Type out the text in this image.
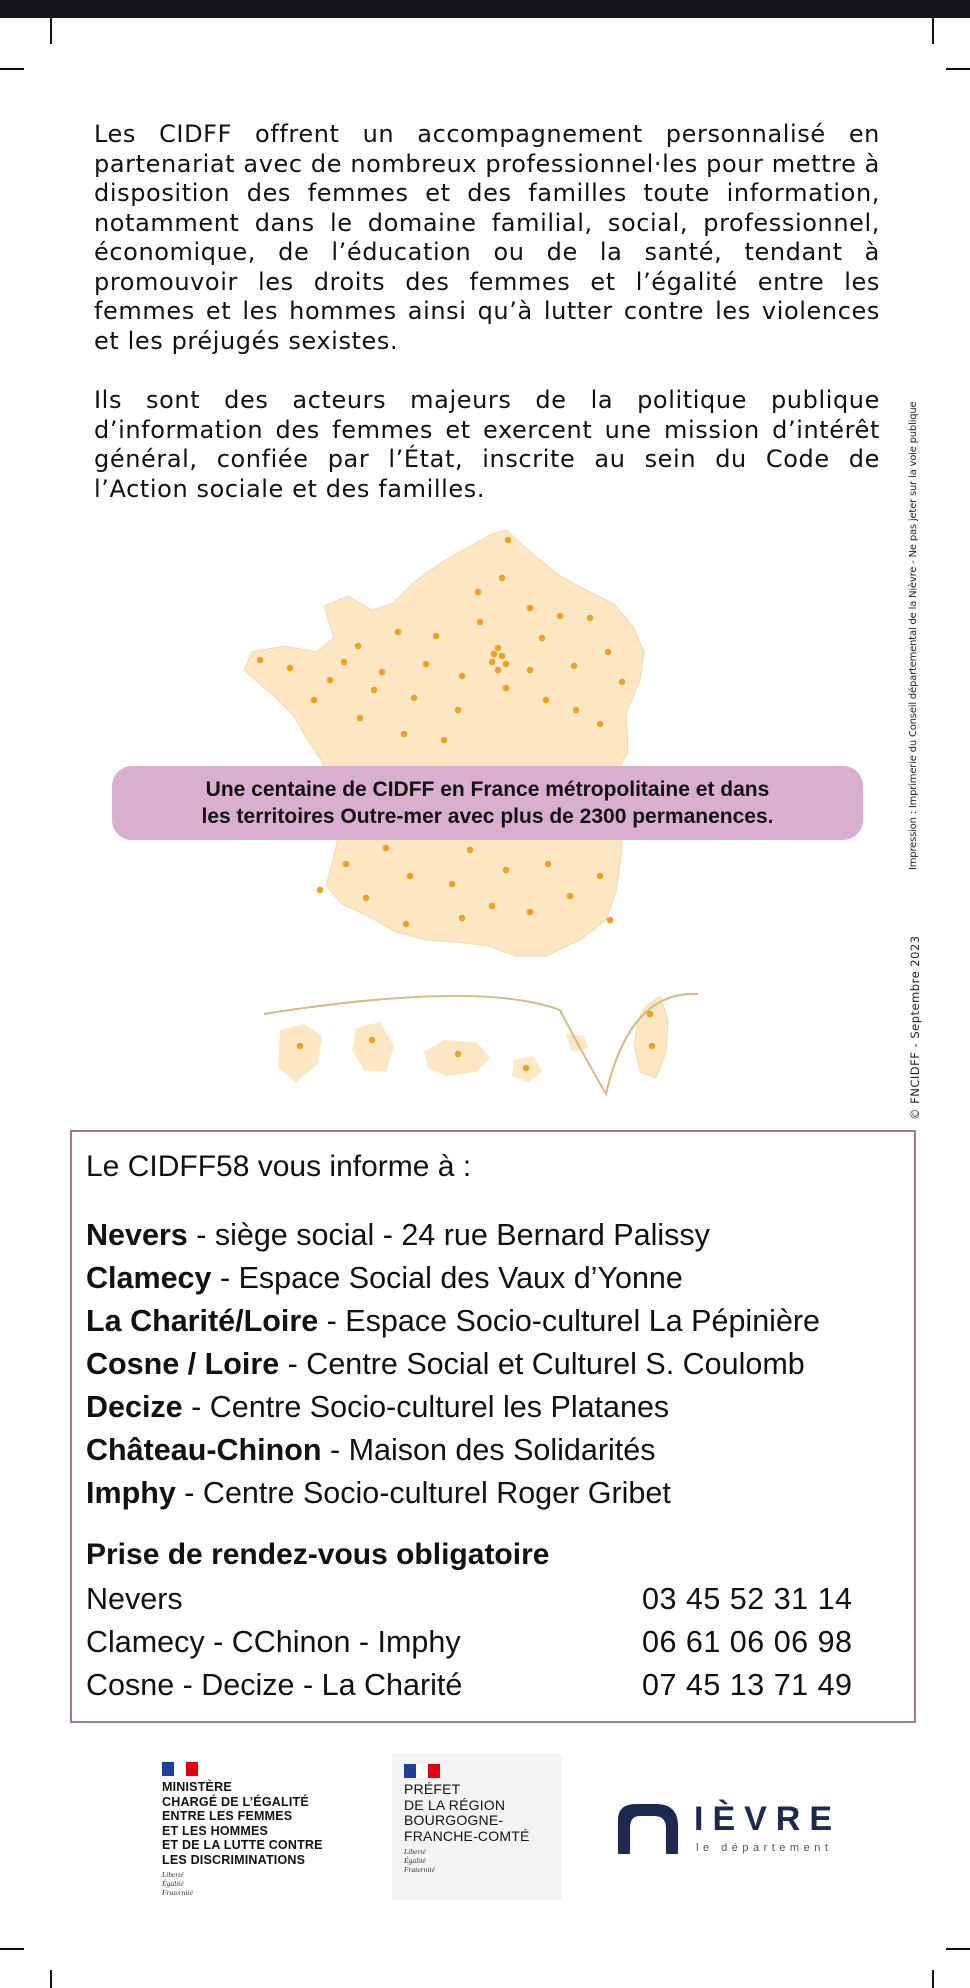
Les CIDFF offrent un accompagnement personnalisé en partenariat avec de nombreux professionnel·les pour mettre à disposition des femmes et des familles toute information, notamment dans le domaine familial, social, professionnel, économique, de l’éducation ou de la santé, tendant à promouvoir les droits des femmes et l’égalité entre les femmes et les hommes ainsi qu’à lutter contre les violences et les préjugés sexistes.

Ils sont des acteurs majeurs de la politique publique d’information des femmes et exercent une mission d’intérêt général, confiée par l’État, inscrite au sein du Code de l’Action sociale et des familles.

© FNCIDFF - Septembre 2023
Impression : Imprimerie du Conseil départemental de la Nièvre - Ne pas jeter sur la voie publique
Une centaine de CIDFF en France métropolitaine et dans
les territoires Outre-mer avec plus de 2300 permanences.
Le CIDFF58 vous informe à :
Nevers - siège social - 24 rue Bernard Palissy
Clamecy - Espace Social des Vaux d’Yonne
La Charité/Loire - Espace Socio-culturel La Pépinière
Cosne / Loire - Centre Social et Culturel S. Coulomb
Decize - Centre Socio-culturel les Platanes
Château-Chinon - Maison des Solidarités
Imphy - Centre Socio-culturel Roger Gribet
Prise de rendez-vous obligatoire
Nevers	03 45 52 31 14
Clamecy - CChinon - Imphy	06 61 06 06 98
Cosne - Decize - La Charité	07 45 13 71 49
MINISTÈRE
CHARGÉ DE L’ÉGALITÉ
ENTRE LES FEMMES
ET LES HOMMES
ET DE LA LUTTE CONTRE
LES DISCRIMINATIONS
Liberté
Égalité
Fraternité
PRÉFET
DE LA RÉGION
BOURGOGNE-
FRANCHE-COMTÉ
Liberté
Égalité
Fraternité
IÈVRE
le département
